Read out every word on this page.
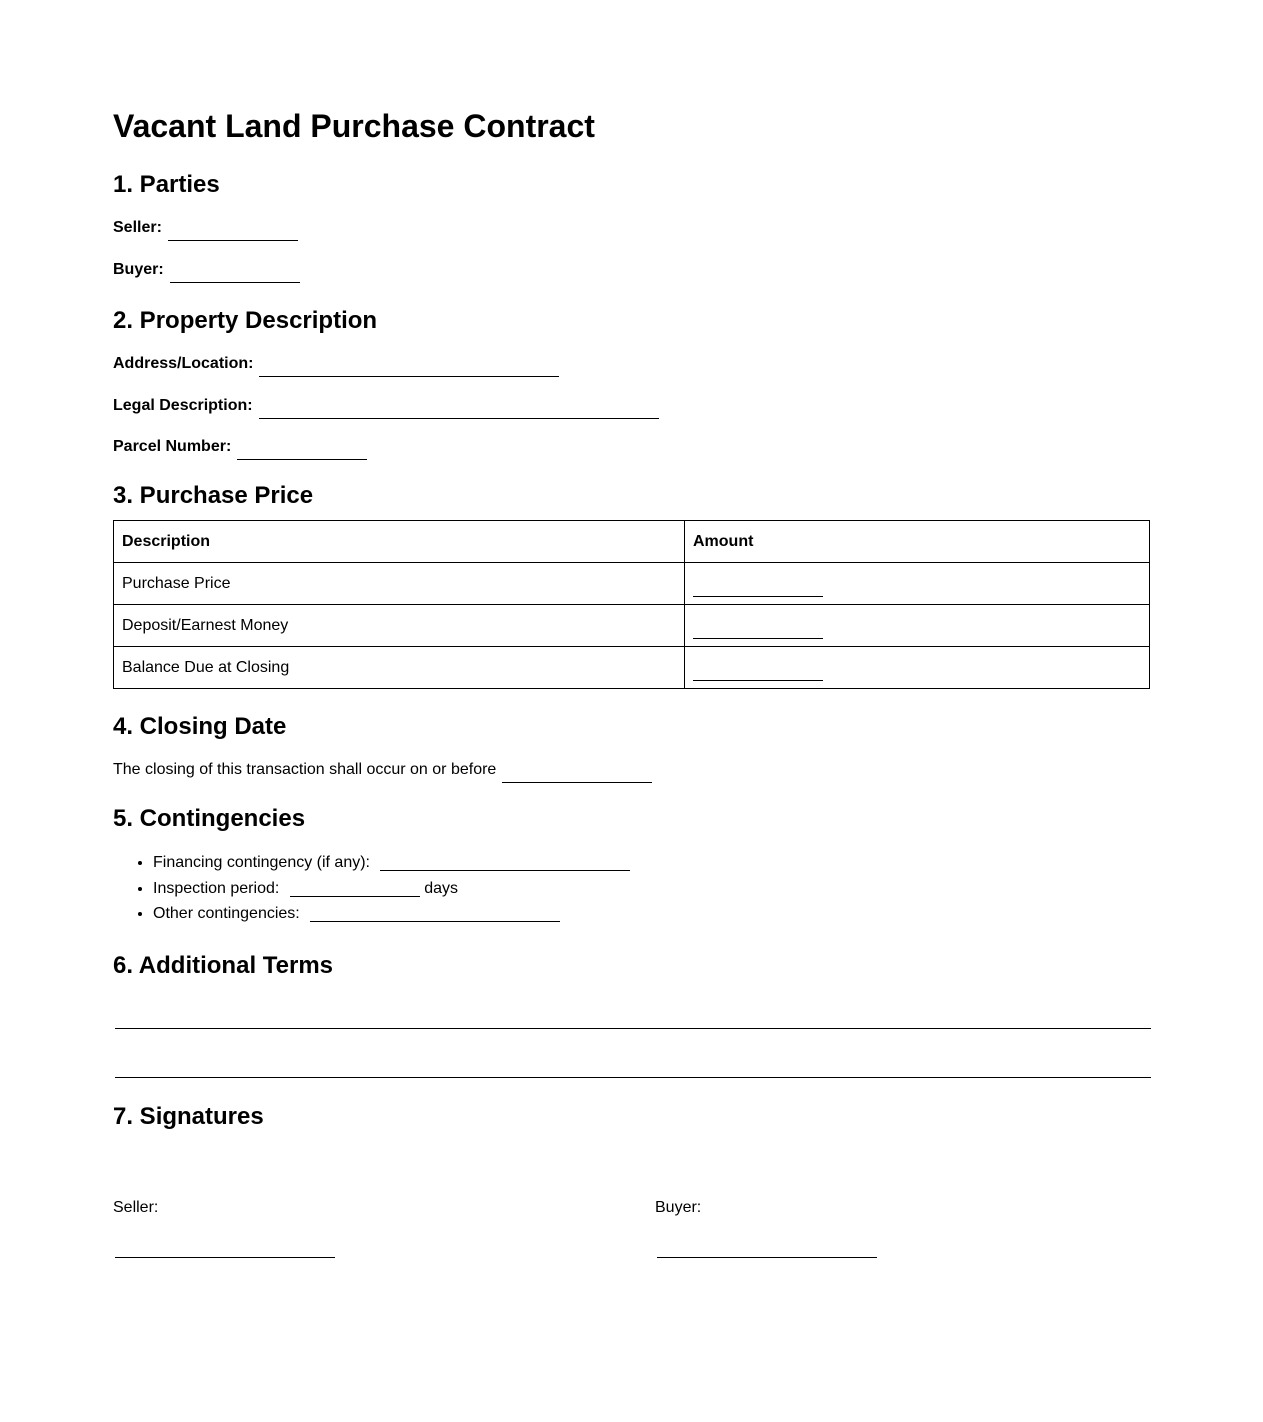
Vacant Land Purchase Contract
1. Parties
Seller:
Buyer:
2. Property Description
Address/Location:
Legal Description:
Parcel Number:
3. Purchase Price
Description	Amount
Purchase Price	
Deposit/Earnest Money	
Balance Due at Closing	
4. Closing Date
The closing of this transaction shall occur on or before
5. Contingencies
• Financing contingency (if any):
• Inspection period:	days
• Other contingencies:
6. Additional Terms
7. Signatures
Seller:	Buyer:
